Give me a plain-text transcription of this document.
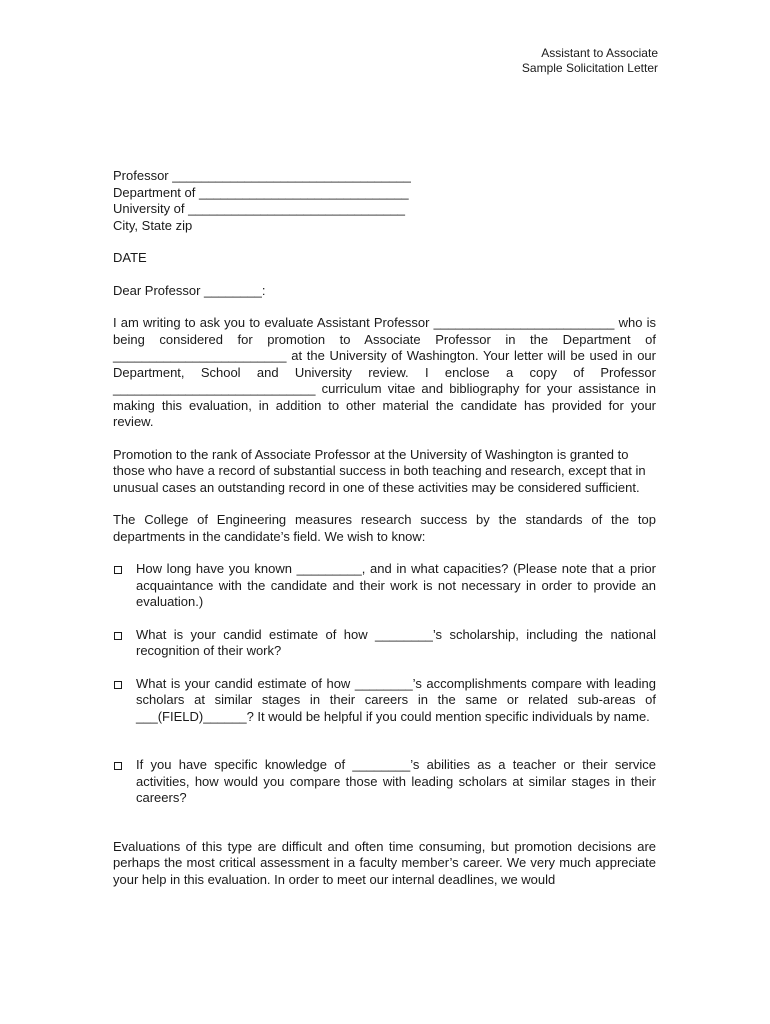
Assistant to Associate
Sample Solicitation Letter
Professor _________________________________
Department of _____________________________
University of ______________________________
City, State zip
DATE
Dear Professor ________:

I am writing to ask you to evaluate Assistant Professor _________________________ who is being considered for promotion to Associate Professor in the Department of ________________________ at the University of Washington. Your letter will be used in our Department, School and University review. I enclose a copy of Professor ____________________________ curriculum vitae and bibliography for your assistance in making this evaluation, in addition to other material the candidate has provided for your review.

Promotion to the rank of Associate Professor at the University of Washington is granted to those who have a record of substantial success in both teaching and research, except that in unusual cases an outstanding record in one of these activities may be considered sufficient.

The College of Engineering measures research success by the standards of the top departments in the candidate’s field. We wish to know:

How long have you known _________, and in what capacities? (Please note that a prior acquaintance with the candidate and their work is not necessary in order to provide an evaluation.)
What is your candid estimate of how ________’s scholarship, including the national recognition of their work?
What is your candid estimate of how ________’s accomplishments compare with leading scholars at similar stages in their careers in the same or related sub-areas of ___(FIELD)______? It would be helpful if you could mention specific individuals by name.
If you have specific knowledge of ________’s abilities as a teacher or their service activities, how would you compare those with leading scholars at similar stages in their careers?

Evaluations of this type are difficult and often time consuming, but promotion decisions are perhaps the most critical assessment in a faculty member’s career. We very much appreciate your help in this evaluation. In order to meet our internal deadlines, we would
